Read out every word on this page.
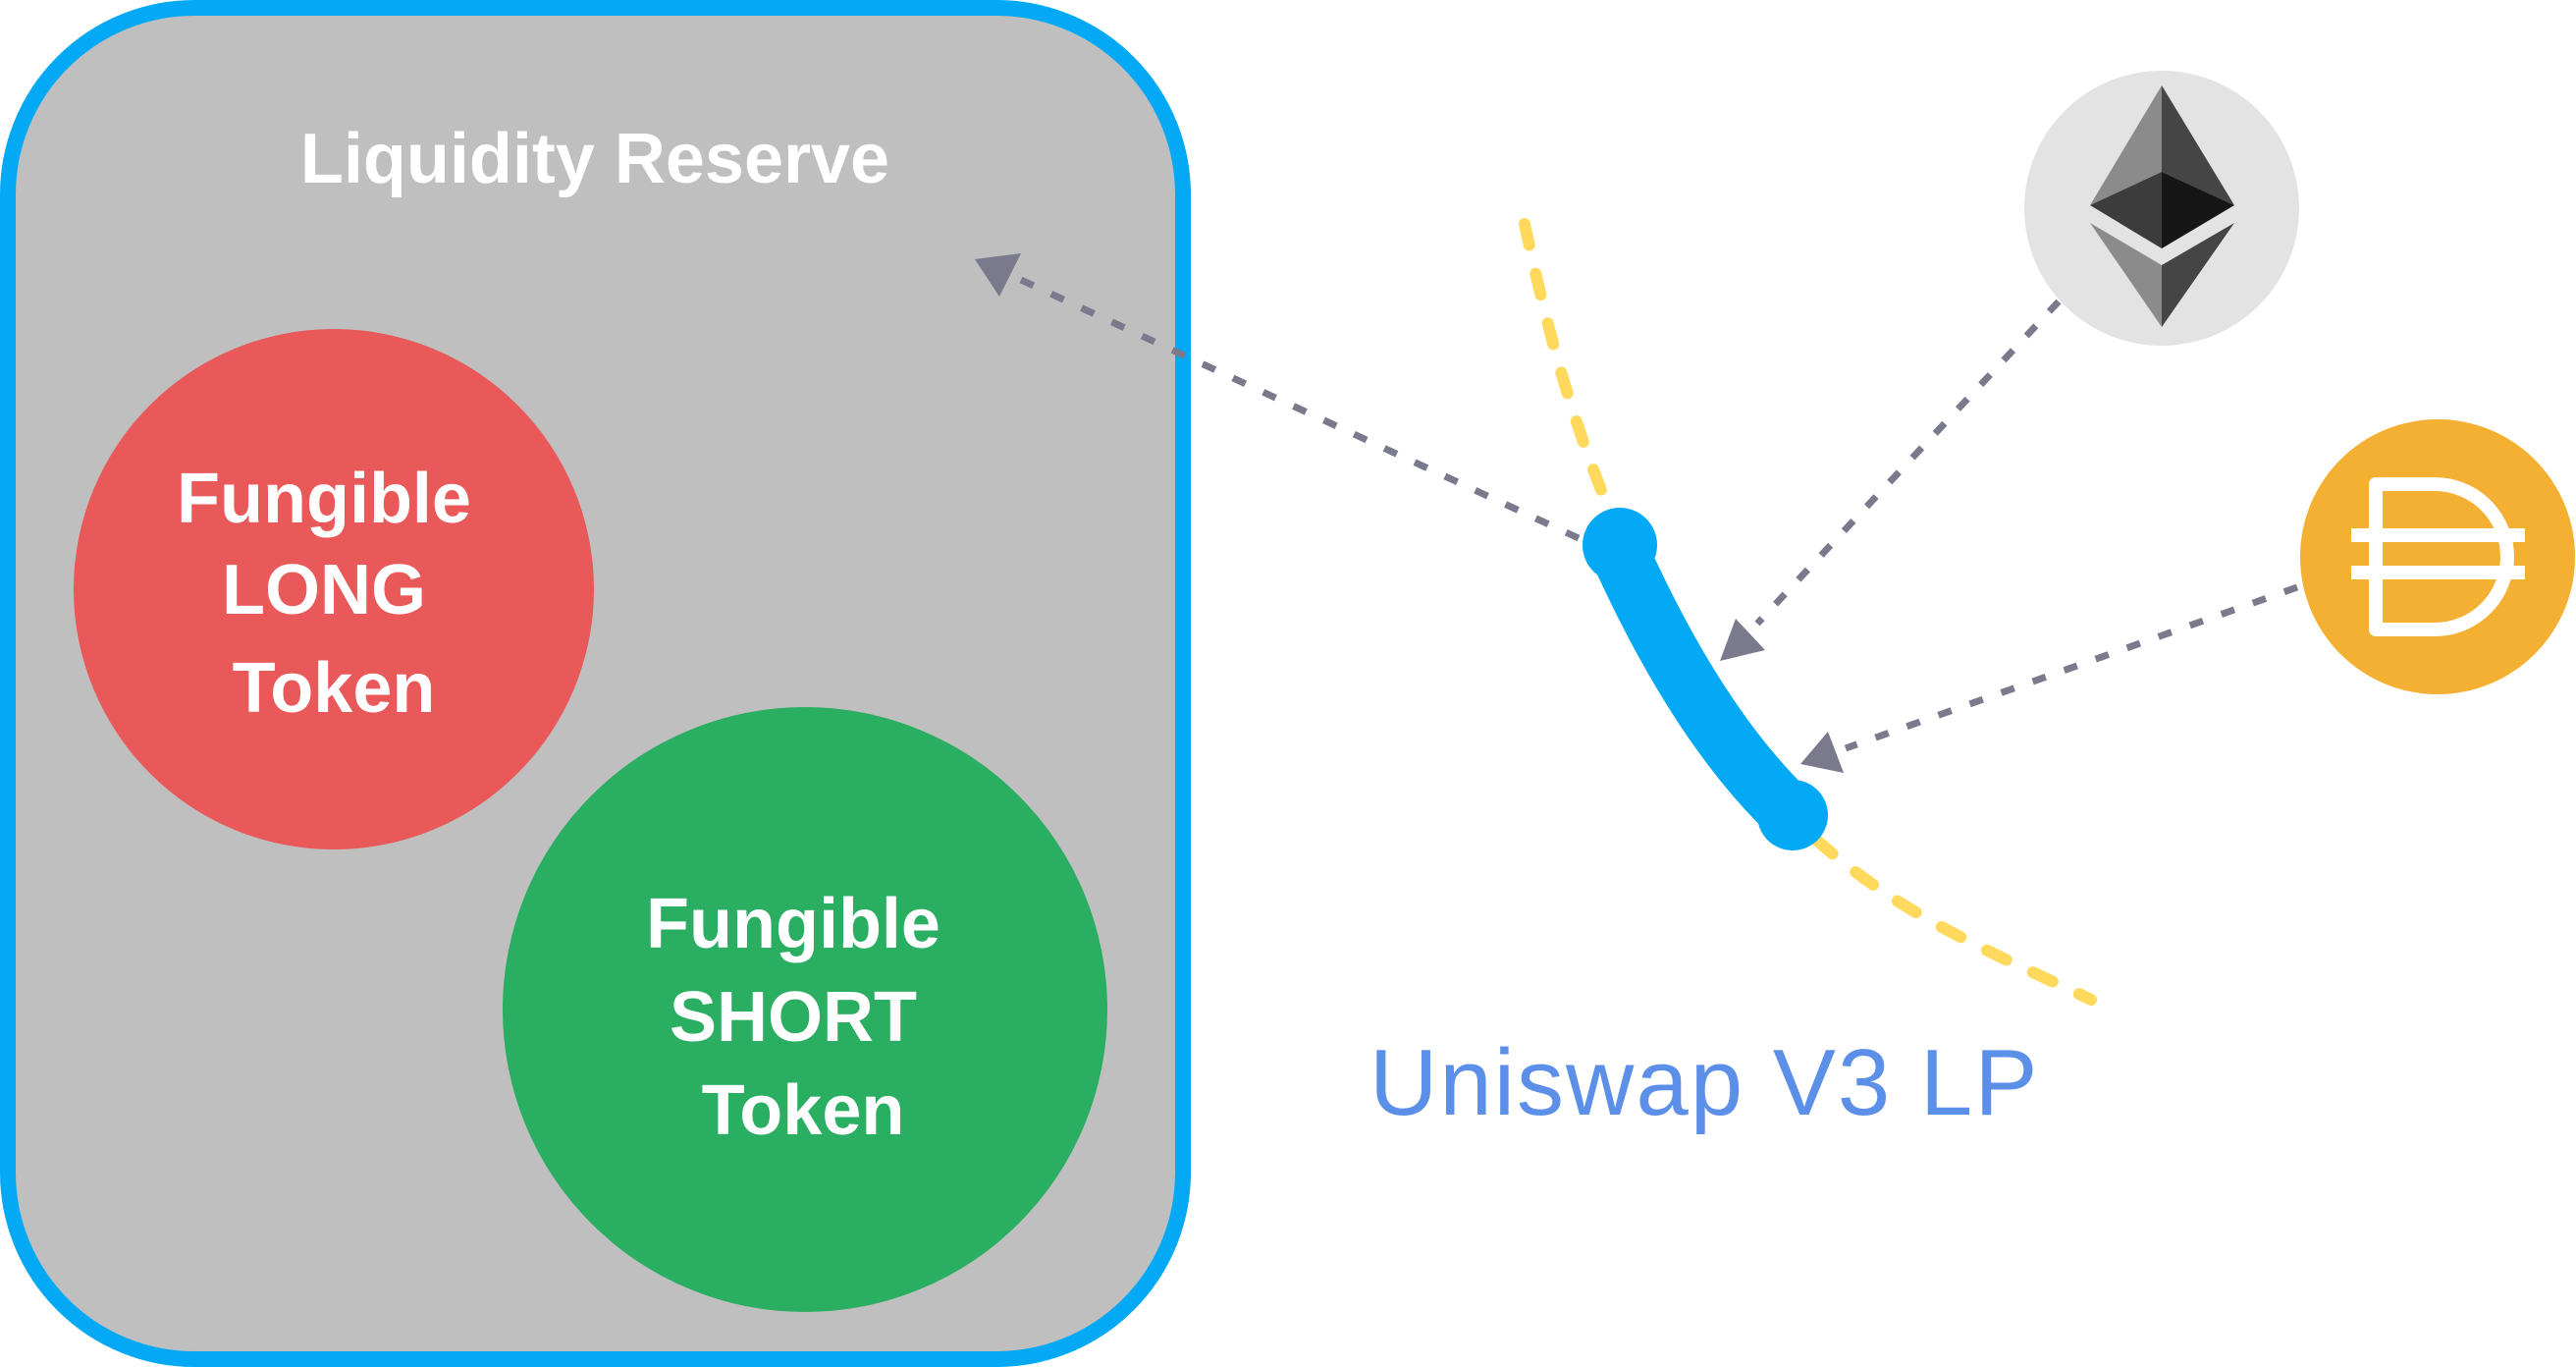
Liquidity Reserve
Fungible LONG Token
Fungible SHORT Token	Uniswap V3 LP
